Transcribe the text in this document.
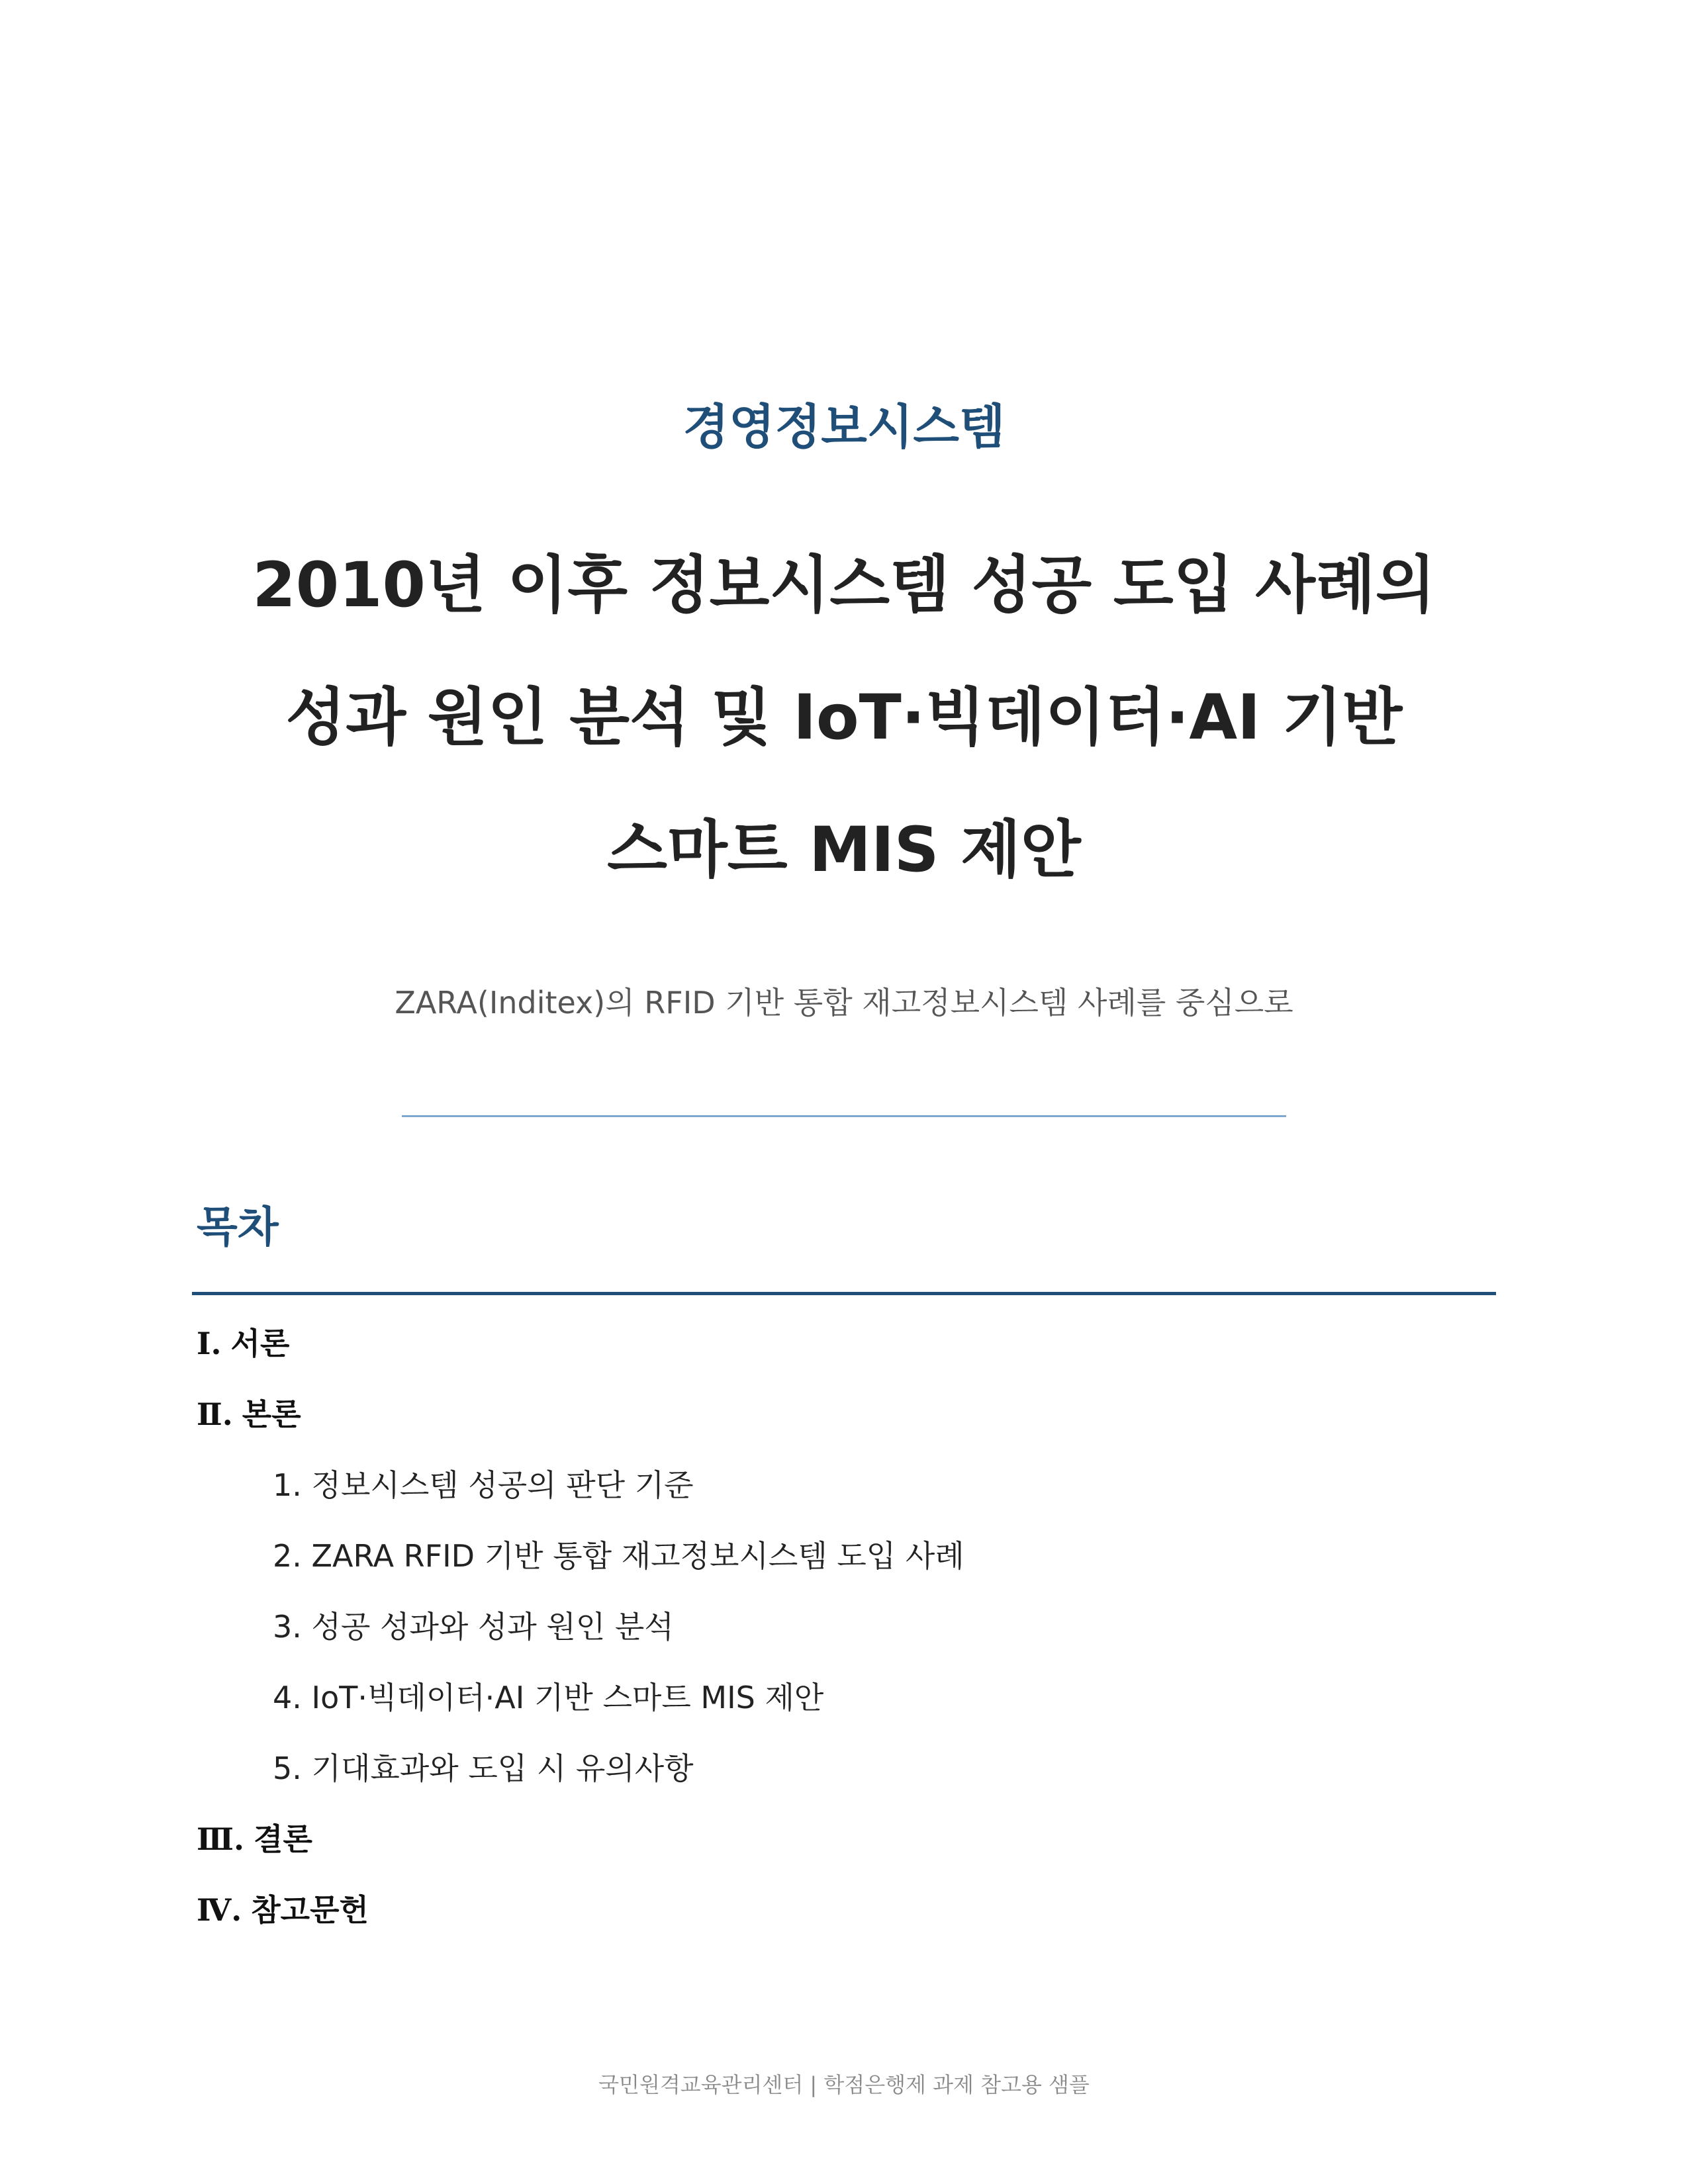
경영정보시스템
2010년 이후 정보시스템 성공 도입 사례의
성과 원인 분석 및 IoT·빅데이터·AI 기반
스마트 MIS 제안
ZARA(Inditex)의 RFID 기반 통합 재고정보시스템 사례를 중심으로
목차
Ⅰ. 서론
Ⅱ. 본론
1. 정보시스템 성공의 판단 기준
2. ZARA RFID 기반 통합 재고정보시스템 도입 사례
3. 성공 성과와 성과 원인 분석
4. IoT·빅데이터·AI 기반 스마트 MIS 제안
5. 기대효과와 도입 시 유의사항
Ⅲ. 결론
Ⅳ. 참고문헌
국민원격교육관리센터 | 학점은행제 과제 참고용 샘플
